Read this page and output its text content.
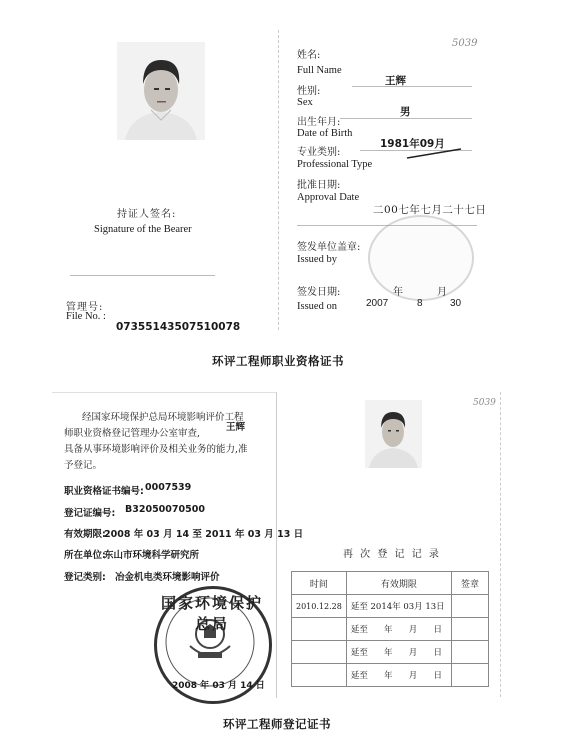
持证人签名:
Signature of the Bearer
管理号:
File No. :
07355143507510078
5039
姓名:
Full Name
王辉
性别:
Sex
男
出生年月:
Date of Birth
1981年09月
专业类别:
Professional Type
批准日期:
Approval Date
二00七年七月二十七日
签发单位盖章:
Issued by
签发日期:	年	月
Issued on	2007	8	30
环评工程师职业资格证书
经国家环境保护总局环境影响评价工程
师职业资格登记管理办公室审查,
王辉
具备从事环境影响评价及相关业务的能力,准
予登记。
职业资格证书编号: 0007539
登记证编号: B32050070500
有效期限:
2008 年 03 月 14 至 2011 年 03 月 13 日
所在单位:
东山市环境科学研究所
登记类别: 冶金机电类环境影响评价
国家环境保护总局
2008 年 03 月 14 日
5039
再 次 登 记 记 录
时间	有效期限	签章
2010.12.28	延至 2014年 03月 13日	
	延至      年      月      日	
	延至      年      月      日	
	延至      年      月      日	
环评工程师登记证书
